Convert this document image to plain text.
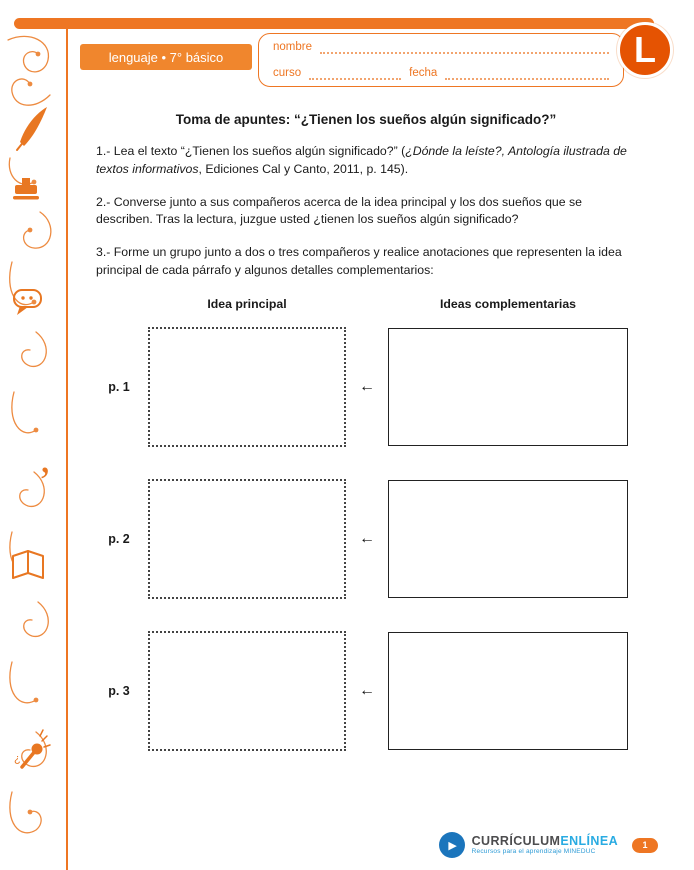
,
¿
lenguaje • 7° básico
nombre
curso	fecha
L
Toma de apuntes: “¿Tienen los sueños algún significado?”

1.- Lea el texto “¿Tienen los sueños algún significado?” (¿Dónde la leíste?, Antología ilustrada de textos informativos, Ediciones Cal y Canto, 2011, p. 145).

2.- Converse junto a sus compañeros acerca de la idea principal y los dos sueños que se describen. Tras la lectura, juzgue usted ¿tienen los sueños algún significado?

3.- Forme un grupo junto a dos o tres compañeros y realice anotaciones que representen la idea principal de cada párrafo y algunos detalles complementarios:

Idea principal	Ideas complementarias
p. 1	←
p. 2	←
p. 3	←
▶	CURRÍCULUMENLÍNEA
Recursos para el aprendizaje MINEDUC
1
